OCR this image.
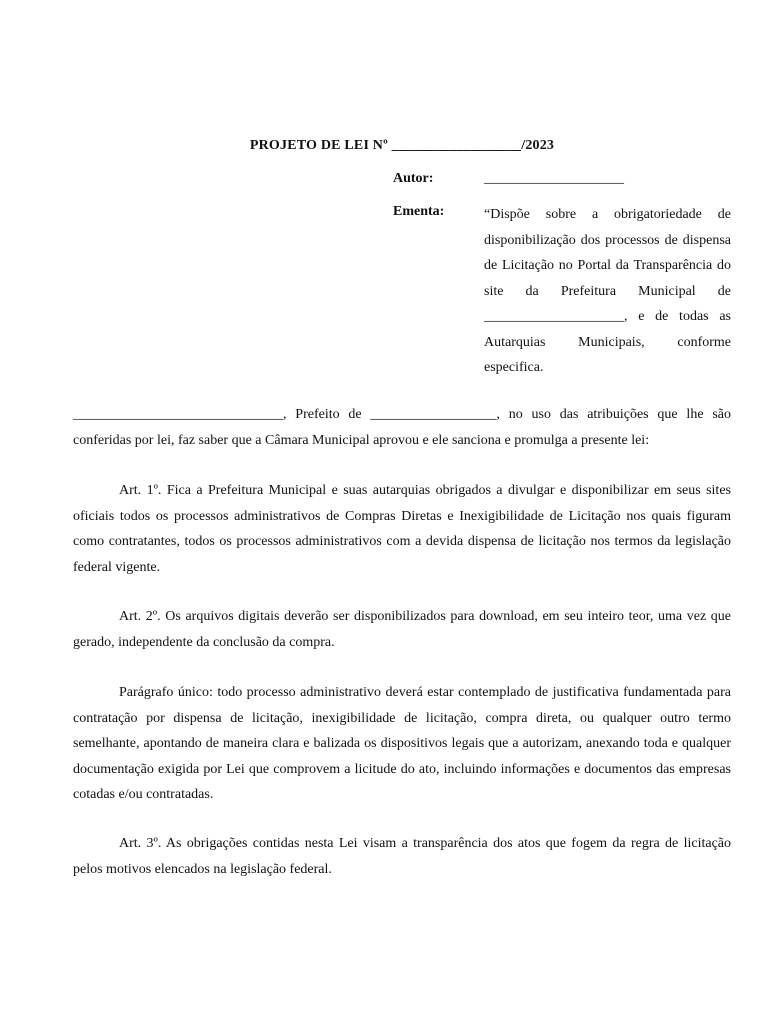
PROJETO DE LEI Nº __________________/2023
Autor:	____________________
Ementa:	“Dispõe sobre a obrigatoriedade de disponibilização dos processos de dispensa de Licitação no Portal da Transparência do site da Prefeitura Municipal de ____________________, e de todas as Autarquias Municipais, conforme especifica.

______________________________, Prefeito de __________________, no uso das atribuições que lhe são conferidas por lei, faz saber que a Câmara Municipal aprovou e ele sanciona e promulga a presente lei:

Art. 1º. Fica a Prefeitura Municipal e suas autarquias obrigados a divulgar e disponibilizar em seus sites oficiais todos os processos administrativos de Compras Diretas e Inexigibilidade de Licitação nos quais figuram como contratantes, todos os processos administrativos com a devida dispensa de licitação nos termos da legislação federal vigente.

Art. 2º. Os arquivos digitais deverão ser disponibilizados para download, em seu inteiro teor, uma vez que gerado, independente da conclusão da compra.

Parágrafo único: todo processo administrativo deverá estar contemplado de justificativa fundamentada para contratação por dispensa de licitação, inexigibilidade de licitação, compra direta, ou qualquer outro termo semelhante, apontando de maneira clara e balizada os dispositivos legais que a autorizam, anexando toda e qualquer documentação exigida por Lei que comprovem a licitude do ato, incluindo informações e documentos das empresas cotadas e/ou contratadas.

Art. 3º. As obrigações contidas nesta Lei visam a transparência dos atos que fogem da regra de licitação pelos motivos elencados na legislação federal.
